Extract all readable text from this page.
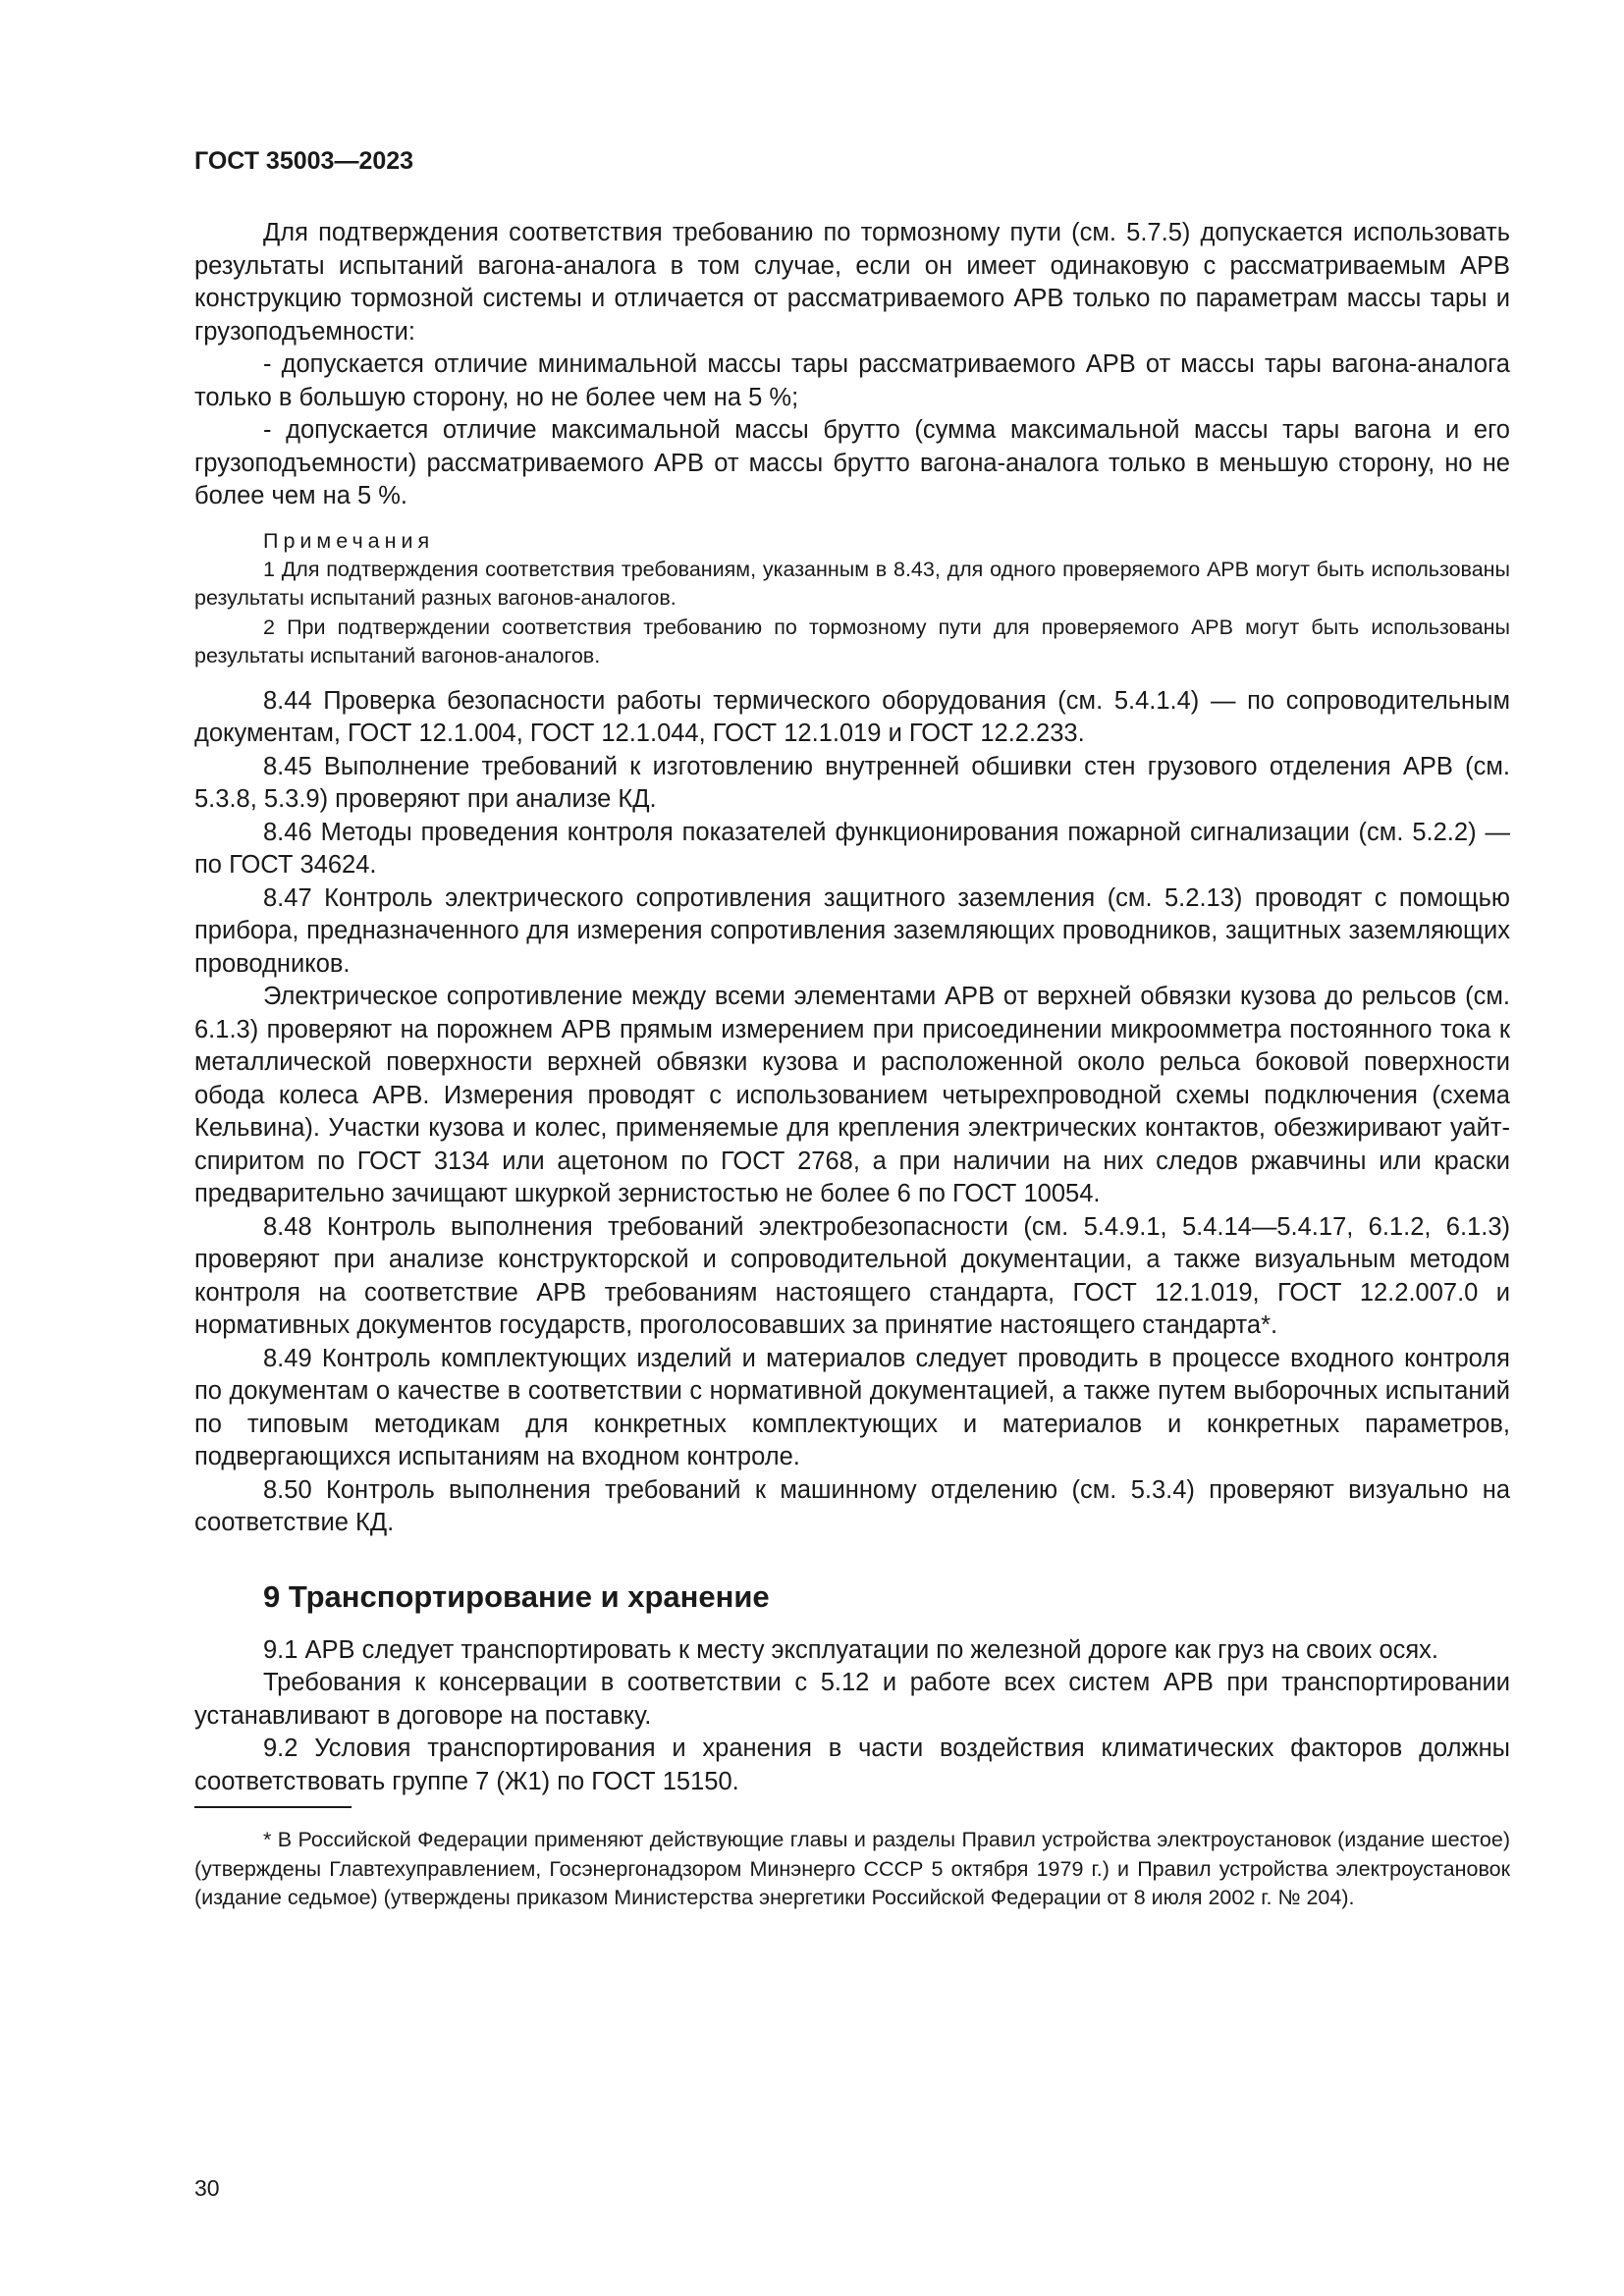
ГОСТ 35003—2023

Для подтверждения соответствия требованию по тормозному пути (см. 5.7.5) допускается использовать результаты испытаний вагона-аналога в том случае, если он имеет одинаковую с рассматриваемым АРВ конструкцию тормозной системы и отличается от рассматриваемого АРВ только по параметрам массы тары и грузоподъемности:

- допускается отличие минимальной массы тары рассматриваемого АРВ от массы тары вагона-аналога только в большую сторону, но не более чем на 5 %;

- допускается отличие максимальной массы брутто (сумма максимальной массы тары вагона и его грузоподъемности) рассматриваемого АРВ от массы брутто вагона-аналога только в меньшую сторону, но не более чем на 5 %.

Примечания

1 Для подтверждения соответствия требованиям, указанным в 8.43, для одного проверяемого АРВ могут быть использованы результаты испытаний разных вагонов-аналогов.

2 При подтверждении соответствия требованию по тормозному пути для проверяемого АРВ могут быть использованы результаты испытаний вагонов-аналогов.

8.44 Проверка безопасности работы термического оборудования (см. 5.4.1.4) — по сопроводительным документам, ГОСТ 12.1.004, ГОСТ 12.1.044, ГОСТ 12.1.019 и ГОСТ 12.2.233.

8.45 Выполнение требований к изготовлению внутренней обшивки стен грузового отделения АРВ (см. 5.3.8, 5.3.9) проверяют при анализе КД.

8.46 Методы проведения контроля показателей функционирования пожарной сигнализации (см. 5.2.2) — по ГОСТ 34624.

8.47 Контроль электрического сопротивления защитного заземления (см. 5.2.13) проводят с помощью прибора, предназначенного для измерения сопротивления заземляющих проводников, защитных заземляющих проводников.

Электрическое сопротивление между всеми элементами АРВ от верхней обвязки кузова до рельсов (см. 6.1.3) проверяют на порожнем АРВ прямым измерением при присоединении микроомметра постоянного тока к металлической поверхности верхней обвязки кузова и расположенной около рельса боковой поверхности обода колеса АРВ. Измерения проводят с использованием четырехпроводной схемы подключения (схема Кельвина). Участки кузова и колес, применяемые для крепления электрических контактов, обезжиривают уайт-спиритом по ГОСТ 3134 или ацетоном по ГОСТ 2768, а при наличии на них следов ржавчины или краски предварительно зачищают шкуркой зернистостью не более 6 по ГОСТ 10054.

8.48 Контроль выполнения требований электробезопасности (см. 5.4.9.1, 5.4.14—5.4.17, 6.1.2, 6.1.3) проверяют при анализе конструкторской и сопроводительной документации, а также визуальным методом контроля на соответствие АРВ требованиям настоящего стандарта, ГОСТ 12.1.019, ГОСТ 12.2.007.0 и нормативных документов государств, проголосовавших за принятие настоящего стандарта*.

8.49 Контроль комплектующих изделий и материалов следует проводить в процессе входного контроля по документам о качестве в соответствии с нормативной документацией, а также путем выборочных испытаний по типовым методикам для конкретных комплектующих и материалов и конкретных параметров, подвергающихся испытаниям на входном контроле.

8.50 Контроль выполнения требований к машинному отделению (см. 5.3.4) проверяют визуально на соответствие КД.

9 Транспортирование и хранение

9.1 АРВ следует транспортировать к месту эксплуатации по железной дороге как груз на своих осях.

Требования к консервации в соответствии с 5.12 и работе всех систем АРВ при транспортировании устанавливают в договоре на поставку.

9.2 Условия транспортирования и хранения в части воздействия климатических факторов должны соответствовать группе 7 (Ж1) по ГОСТ 15150.

* В Российской Федерации применяют действующие главы и разделы Правил устройства электроустановок (издание шестое) (утверждены Главтехуправлением, Госэнергонадзором Минэнерго СССР 5 октября 1979 г.) и Правил устройства электроустановок (издание седьмое) (утверждены приказом Министерства энергетики Российской Федерации от 8 июля 2002 г. № 204).

30
